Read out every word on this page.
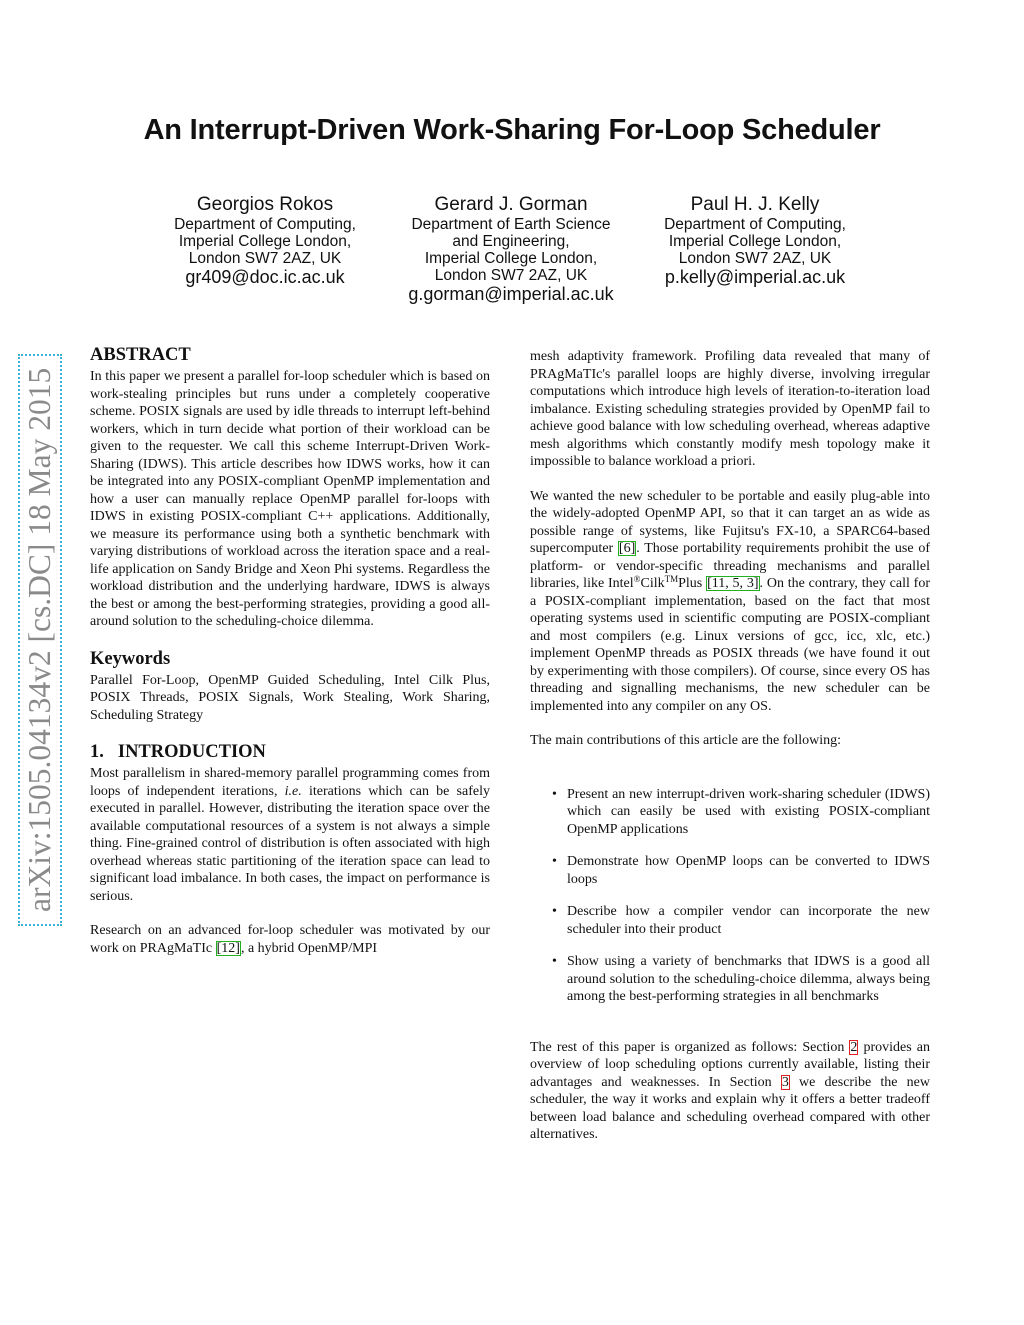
An Interrupt-Driven Work-Sharing For-Loop Scheduler
Georgios Rokos
Department of Computing,
Imperial College London,
London SW7 2AZ, UK
gr409@doc.ic.ac.uk
Gerard J. Gorman
Department of Earth Science
and Engineering,
Imperial College London,
London SW7 2AZ, UK
g.gorman@imperial.ac.uk
Paul H. J. Kelly
Department of Computing,
Imperial College London,
London SW7 2AZ, UK
p.kelly@imperial.ac.uk
arXiv:1505.04134v2 [cs.DC] 18 May 2015
ABSTRACT

In this paper we present a parallel for-loop scheduler which is based on work-stealing principles but runs under a completely cooperative scheme. POSIX signals are used by idle threads to interrupt left-behind workers, which in turn decide what portion of their workload can be given to the requester. We call this scheme Interrupt-Driven Work-Sharing (IDWS). This article describes how IDWS works, how it can be integrated into any POSIX-compliant OpenMP implementation and how a user can manually replace OpenMP parallel for-loops with IDWS in existing POSIX-compliant C++ applications. Additionally, we measure its performance using both a synthetic benchmark with varying distributions of workload across the iteration space and a real-life application on Sandy Bridge and Xeon Phi systems. Regardless the workload distribution and the underlying hardware, IDWS is always the best or among the best-performing strategies, providing a good all-around solution to the scheduling-choice dilemma.

Keywords

Parallel For-Loop, OpenMP Guided Scheduling, Intel Cilk Plus, POSIX Threads, POSIX Signals, Work Stealing, Work Sharing, Scheduling Strategy

1. INTRODUCTION

Most parallelism in shared-memory parallel programming comes from loops of independent iterations, i.e. iterations which can be safely executed in parallel. However, distributing the iteration space over the available computational resources of a system is not always a simple thing. Fine-grained control of distribution is often associated with high overhead whereas static partitioning of the iteration space can lead to significant load imbalance. In both cases, the impact on performance is serious.

Research on an advanced for-loop scheduler was motivated by our work on PRAgMaTIc [12], a hybrid OpenMP/MPI

mesh adaptivity framework. Profiling data revealed that many of PRAgMaTIc's parallel loops are highly diverse, involving irregular computations which introduce high levels of iteration-to-iteration load imbalance. Existing scheduling strategies provided by OpenMP fail to achieve good balance with low scheduling overhead, whereas adaptive mesh algorithms which constantly modify mesh topology make it impossible to balance workload a priori.

We wanted the new scheduler to be portable and easily plug-able into the widely-adopted OpenMP API, so that it can target an as wide as possible range of systems, like Fujitsu's FX-10, a SPARC64-based supercomputer [6]. Those portability requirements prohibit the use of platform- or vendor-specific threading mechanisms and parallel libraries, like Intel®Cilk™Plus [11, 5, 3]. On the contrary, they call for a POSIX-compliant implementation, based on the fact that most operating systems used in scientific computing are POSIX-compliant and most compilers (e.g. Linux versions of gcc, icc, xlc, etc.) implement OpenMP threads as POSIX threads (we have found it out by experimenting with those compilers). Of course, since every OS has threading and signalling mechanisms, the new scheduler can be implemented into any compiler on any OS.

The main contributions of this article are the following:

• Present an new interrupt-driven work-sharing scheduler (IDWS) which can easily be used with existing POSIX-compliant OpenMP applications
• Demonstrate how OpenMP loops can be converted to IDWS loops
• Describe how a compiler vendor can incorporate the new scheduler into their product
• Show using a variety of benchmarks that IDWS is a good all around solution to the scheduling-choice dilemma, always being among the best-performing strategies in all benchmarks

The rest of this paper is organized as follows: Section 2 provides an overview of loop scheduling options currently available, listing their advantages and weaknesses. In Section 3 we describe the new scheduler, the way it works and explain why it offers a better tradeoff between load balance and scheduling overhead compared with other alternatives.
